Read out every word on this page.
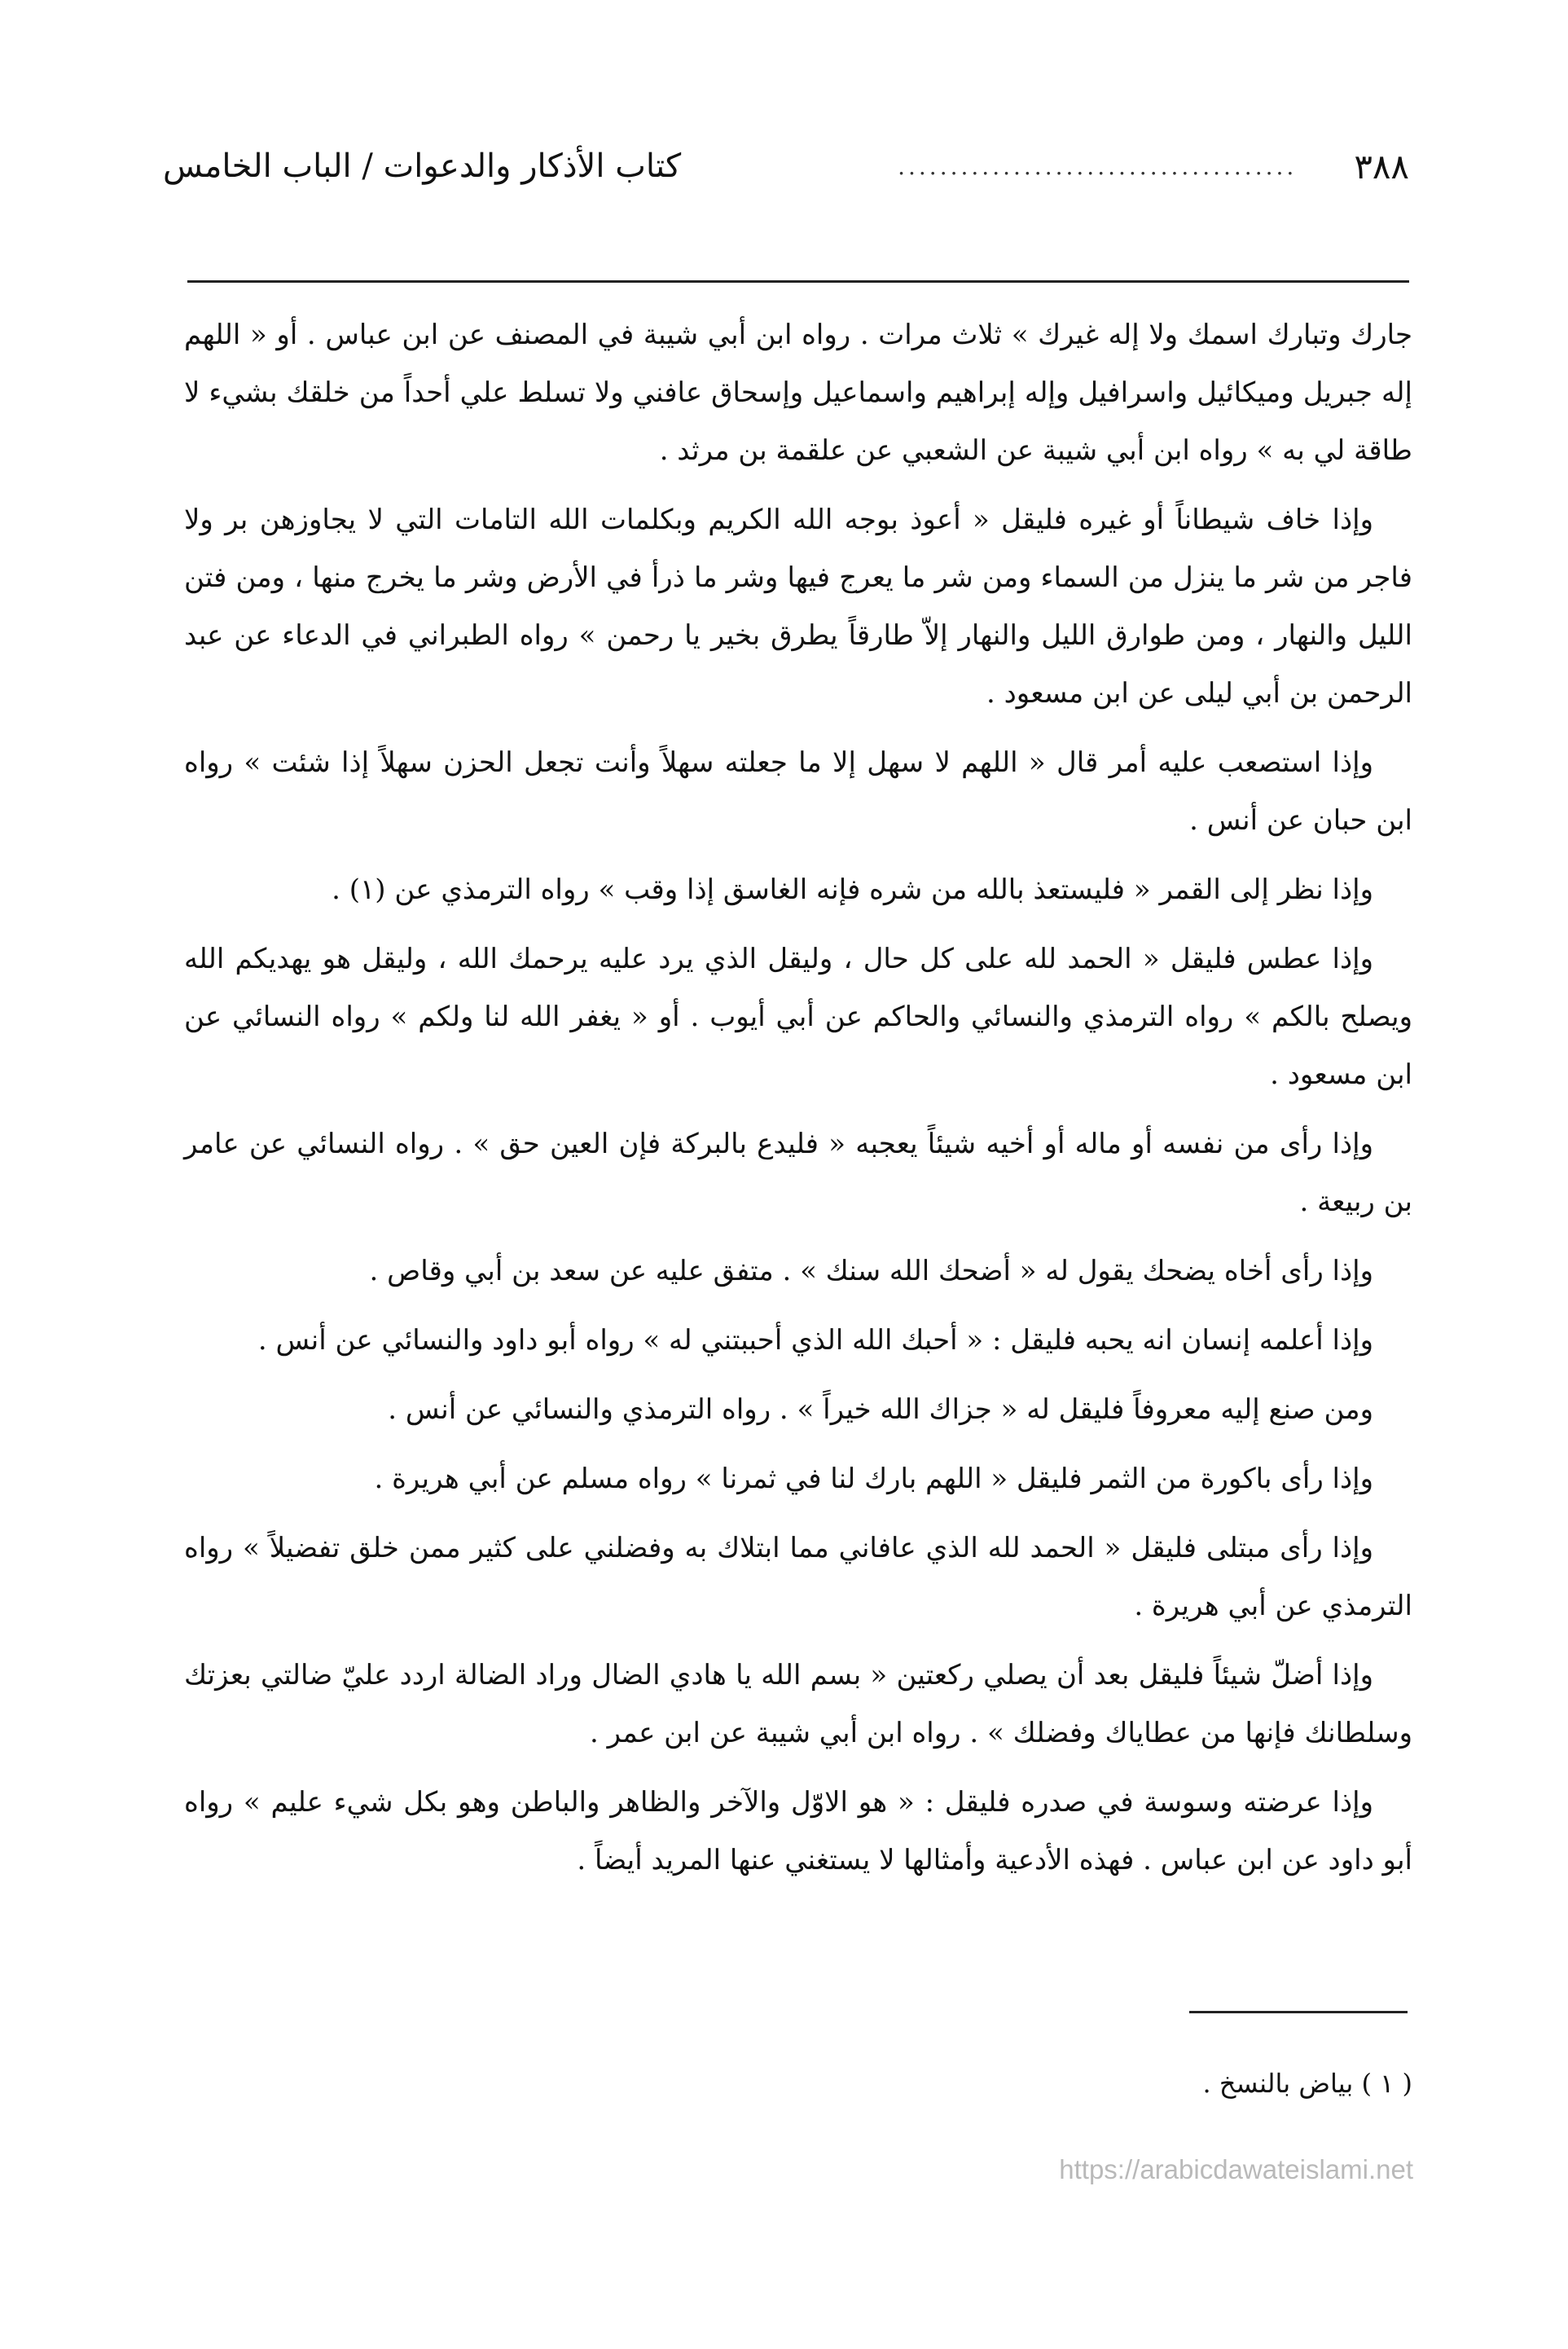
٣٨٨
......................................
كتاب الأذكار والدعوات / الباب الخامس

جارك وتبارك اسمك ولا إله غيرك » ثلاث مرات . رواه ابن أبي شيبة في المصنف عن ابن عباس . أو « اللهم إله جبريل وميكائيل واسرافيل وإله إبراهيم واسماعيل وإسحاق عافني ولا تسلط علي أحداً من خلقك بشيء لا طاقة لي به » رواه ابن أبي شيبة عن الشعبي عن علقمة بن مرثد .

وإذا خاف شيطاناً أو غيره فليقل « أعوذ بوجه الله الكريم وبكلمات الله التامات التي لا يجاوزهن بر ولا فاجر من شر ما ينزل من السماء ومن شر ما يعرج فيها وشر ما ذرأ في الأرض وشر ما يخرج منها ، ومن فتن الليل والنهار ، ومن طوارق الليل والنهار إلاّ طارقاً يطرق بخير يا رحمن » رواه الطبراني في الدعاء عن عبد الرحمن بن أبي ليلى عن ابن مسعود .

وإذا استصعب عليه أمر قال « اللهم لا سهل إلا ما جعلته سهلاً وأنت تجعل الحزن سهلاً إذا شئت » رواه ابن حبان عن أنس .

وإذا نظر إلى القمر « فليستعذ بالله من شره فإنه الغاسق إذا وقب » رواه الترمذي عن (١) .

وإذا عطس فليقل « الحمد لله على كل حال ، وليقل الذي يرد عليه يرحمك الله ، وليقل هو يهديكم الله ويصلح بالكم » رواه الترمذي والنسائي والحاكم عن أبي أيوب . أو « يغفر الله لنا ولكم » رواه النسائي عن ابن مسعود .

وإذا رأى من نفسه أو ماله أو أخيه شيئاً يعجبه « فليدع بالبركة فإن العين حق » . رواه النسائي عن عامر بن ربيعة .

وإذا رأى أخاه يضحك يقول له « أضحك الله سنك » . متفق عليه عن سعد بن أبي وقاص .

وإذا أعلمه إنسان انه يحبه فليقل : « أحبك الله الذي أحببتني له » رواه أبو داود والنسائي عن أنس .

ومن صنع إليه معروفاً فليقل له « جزاك الله خيراً » . رواه الترمذي والنسائي عن أنس .

وإذا رأى باكورة من الثمر فليقل « اللهم بارك لنا في ثمرنا » رواه مسلم عن أبي هريرة .

وإذا رأى مبتلى فليقل « الحمد لله الذي عافاني مما ابتلاك به وفضلني على كثير ممن خلق تفضيلاً » رواه الترمذي عن أبي هريرة .

وإذا أضلّ شيئاً فليقل بعد أن يصلي ركعتين « بسم الله يا هادي الضال وراد الضالة اردد عليّ ضالتي بعزتك وسلطانك فإنها من عطاياك وفضلك » . رواه ابن أبي شيبة عن ابن عمر .

وإذا عرضته وسوسة في صدره فليقل : « هو الاوّل والآخر والظاهر والباطن وهو بكل شيء عليم » رواه أبو داود عن ابن عباس . فهذه الأدعية وأمثالها لا يستغني عنها المريد أيضاً .

( ١ ) بياض بالنسخ .
https://arabicdawateislami.net
